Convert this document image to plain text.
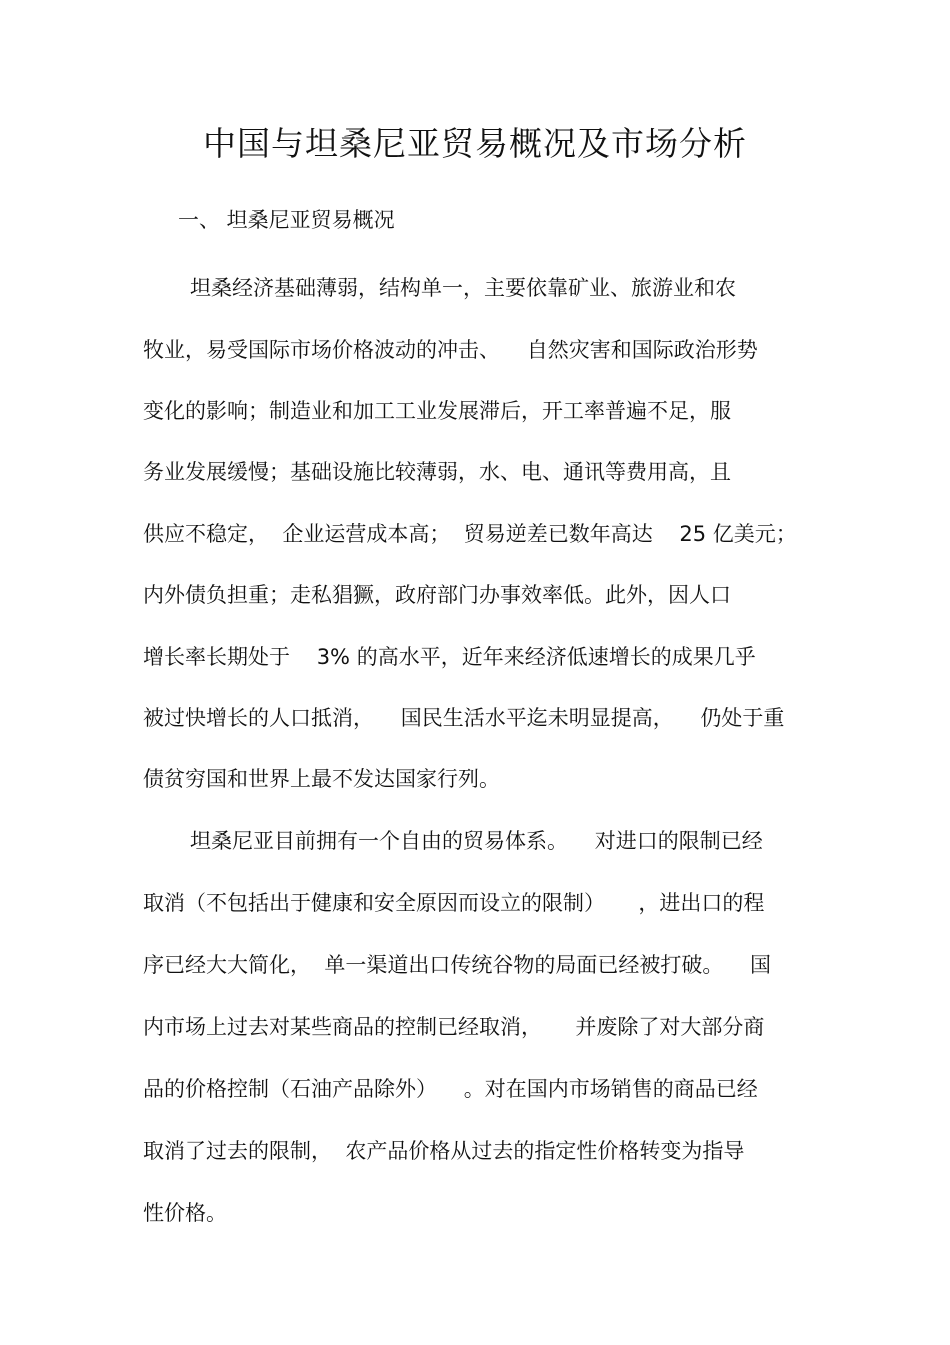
中国与坦桑尼亚贸易概况及市场分析
一、 坦桑尼亚贸易概况
坦桑经济基础薄弱，结构单一，主要依靠矿业、旅游业和农
牧业，易受国际市场价格波动的冲击、    自然灾害和国际政治形势
变化的影响；制造业和加工工业发展滞后，开工率普遍不足，服
务业发展缓慢；基础设施比较薄弱，水、电、通讯等费用高，且
供应不稳定，  企业运营成本高；  贸易逆差已数年高达    25 亿美元；
内外债负担重；走私猖獗，政府部门办事效率低。此外，因人口
增长率长期处于    3% 的高水平，近年来经济低速增长的成果几乎
被过快增长的人口抵消，    国民生活水平迄未明显提高，    仍处于重
债贫穷国和世界上最不发达国家行列。
坦桑尼亚目前拥有一个自由的贸易体系。    对进口的限制已经
取消（不包括出于健康和安全原因而设立的限制）     ，进出口的程
序已经大大简化，  单一渠道出口传统谷物的局面已经被打破。    国
内市场上过去对某些商品的控制已经取消，     并废除了对大部分商
品的价格控制（石油产品除外）    。对在国内市场销售的商品已经
取消了过去的限制，  农产品价格从过去的指定性价格转变为指导
性价格。
